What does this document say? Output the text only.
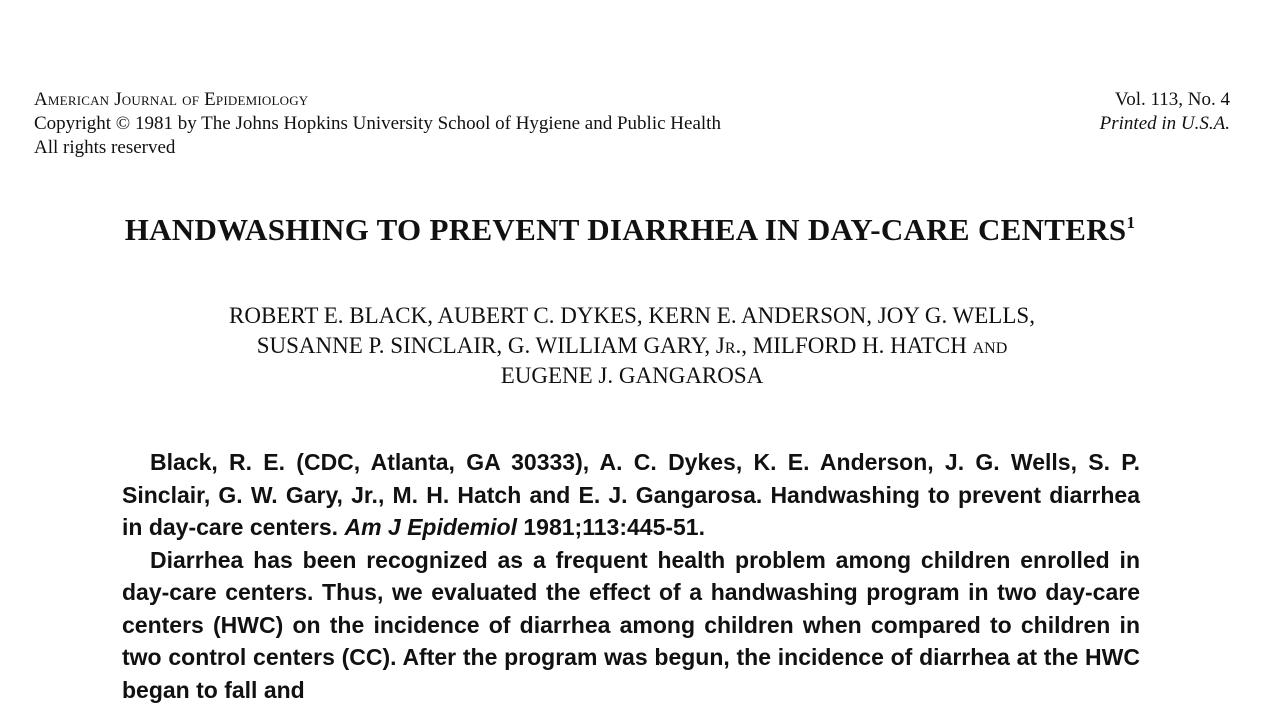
American Journal of Epidemiology
Copyright © 1981 by The Johns Hopkins University School of Hygiene and Public Health
All rights reserved
Vol. 113, No. 4
Printed in U.S.A.
HANDWASHING TO PREVENT DIARRHEA IN DAY-CARE CENTERS$^1$
ROBERT E. BLACK, AUBERT C. DYKES, KERN E. ANDERSON, JOY G. WELLS,
SUSANNE P. SINCLAIR, G. WILLIAM GARY, Jr., MILFORD H. HATCH and
EUGENE J. GANGAROSA

Black, R. E. (CDC, Atlanta, GA 30333), A. C. Dykes, K. E. Anderson, J. G. Wells, S. P. Sinclair, G. W. Gary, Jr., M. H. Hatch and E. J. Gangarosa. Handwashing to prevent diarrhea in day-care centers. Am J Epidemiol 1981;113:445-51.

Diarrhea has been recognized as a frequent health problem among children enrolled in day-care centers. Thus, we evaluated the effect of a handwashing program in two day-care centers (HWC) on the incidence of diarrhea among children when compared to children in two control centers (CC). After the program was begun, the incidence of diarrhea at the HWC began to fall and
